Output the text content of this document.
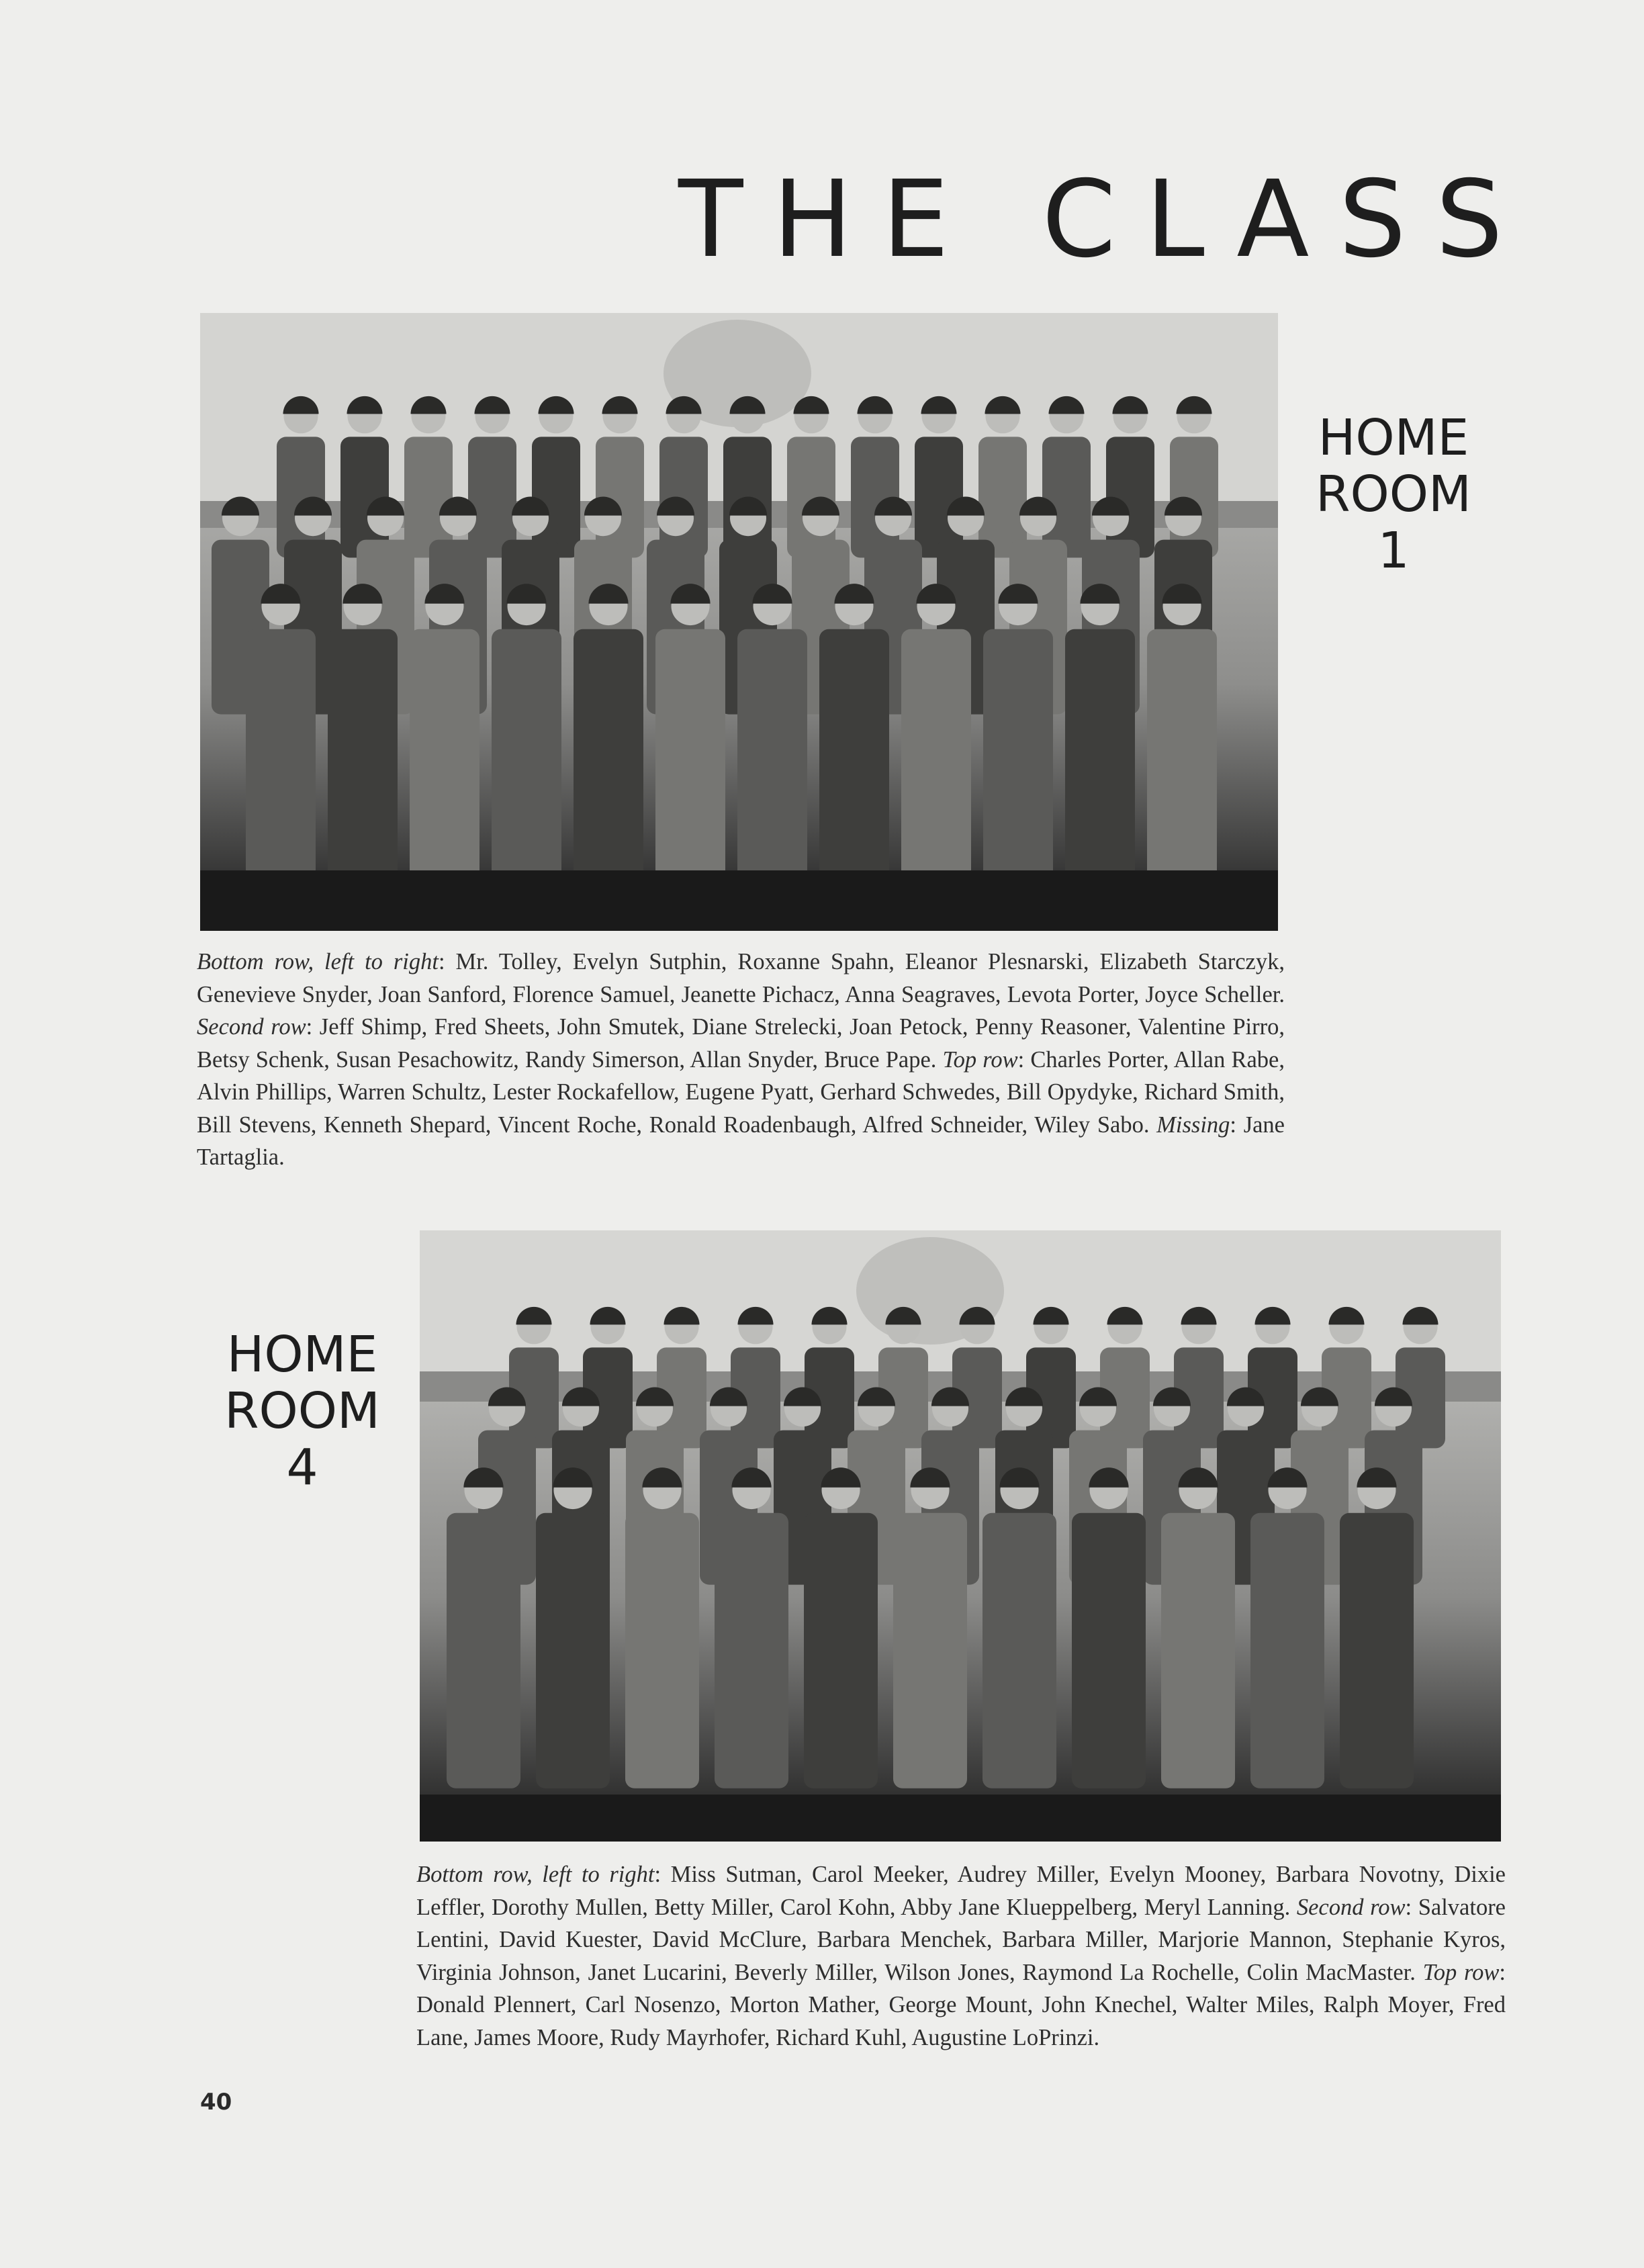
THE CLASS
HOME
ROOM
1

Bottom row, left to right: Mr. Tolley, Evelyn Sutphin, Roxanne Spahn, Eleanor Plesnarski, Elizabeth Starczyk, Genevieve Snyder, Joan Sanford, Florence Samuel, Jeanette Pichacz, Anna Seagraves, Levota Porter, Joyce Scheller. Second row: Jeff Shimp, Fred Sheets, John Smutek, Diane Strelecki, Joan Petock, Penny Reasoner, Valentine Pirro, Betsy Schenk, Susan Pesachowitz, Randy Simerson, Allan Snyder, Bruce Pape. Top row: Charles Porter, Allan Rabe, Alvin Phillips, Warren Schultz, Lester Rockafellow, Eugene Pyatt, Gerhard Schwedes, Bill Opydyke, Richard Smith, Bill Stevens, Kenneth Shepard, Vincent Roche, Ronald Roadenbaugh, Alfred Schneider, Wiley Sabo. Missing: Jane Tartaglia.

HOME
ROOM
4

Bottom row, left to right: Miss Sutman, Carol Meeker, Audrey Miller, Evelyn Mooney, Barbara Novotny, Dixie Leffler, Dorothy Mullen, Betty Miller, Carol Kohn, Abby Jane Klueppelberg, Meryl Lanning. Second row: Salvatore Lentini, David Kuester, David McClure, Barbara Menchek, Barbara Miller, Marjorie Mannon, Stephanie Kyros, Virginia Johnson, Janet Lucarini, Beverly Miller, Wilson Jones, Raymond La Rochelle, Colin MacMaster. Top row: Donald Plennert, Carl Nosenzo, Morton Mather, George Mount, John Knechel, Walter Miles, Ralph Moyer, Fred Lane, James Moore, Rudy Mayrhofer, Richard Kuhl, Augustine LoPrinzi.

40
